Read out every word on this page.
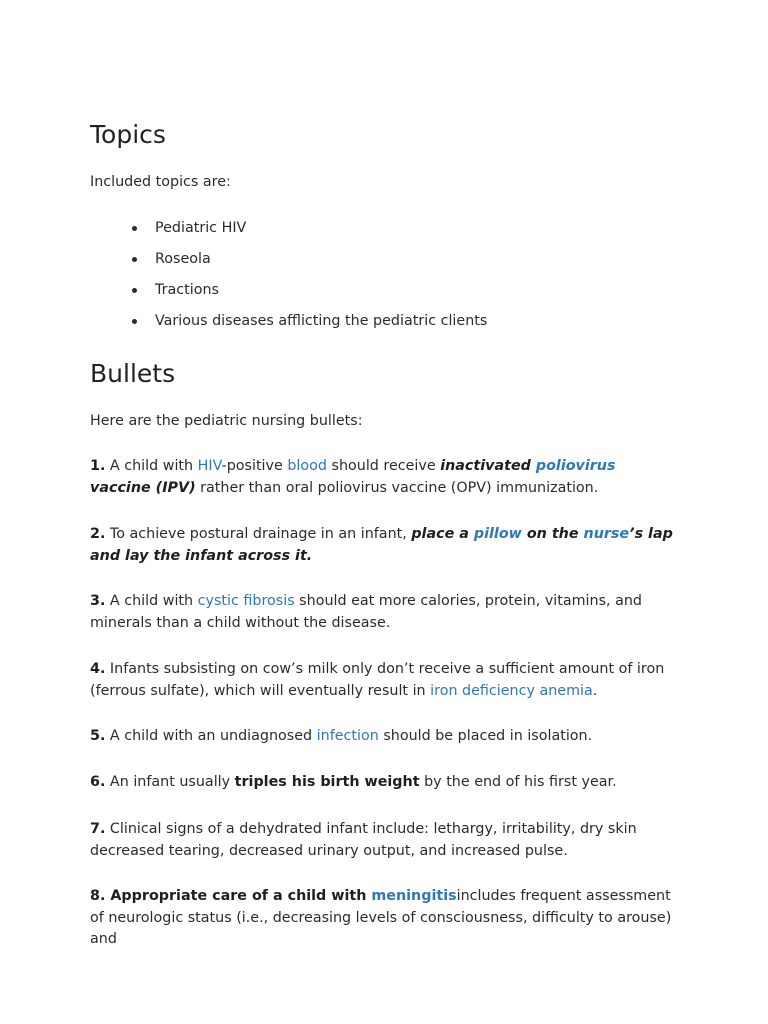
Topics

Included topics are:

Pediatric HIV
Roseola
Tractions
Various diseases afflicting the pediatric clients
Bullets

Here are the pediatric nursing bullets:

1. A child with HIV-positive blood should receive inactivated poliovirus vaccine (IPV) rather than oral poliovirus vaccine (OPV) immunization.

2. To achieve postural drainage in an infant, place a pillow on the nurse’s lap and lay the infant across it.

3. A child with cystic fibrosis should eat more calories, protein, vitamins, and minerals than a child without the disease.

4. Infants subsisting on cow’s milk only don’t receive a sufficient amount of iron (ferrous sulfate), which will eventually result in iron deficiency anemia.

5. A child with an undiagnosed infection should be placed in isolation.

6. An infant usually triples his birth weight by the end of his first year.

7. Clinical signs of a dehydrated infant include: lethargy, irritability, dry skin decreased tearing, decreased urinary output, and increased pulse.

8. Appropriate care of a child with meningitisincludes frequent assessment of neurologic status (i.e., decreasing levels of consciousness, difficulty to arouse) and
